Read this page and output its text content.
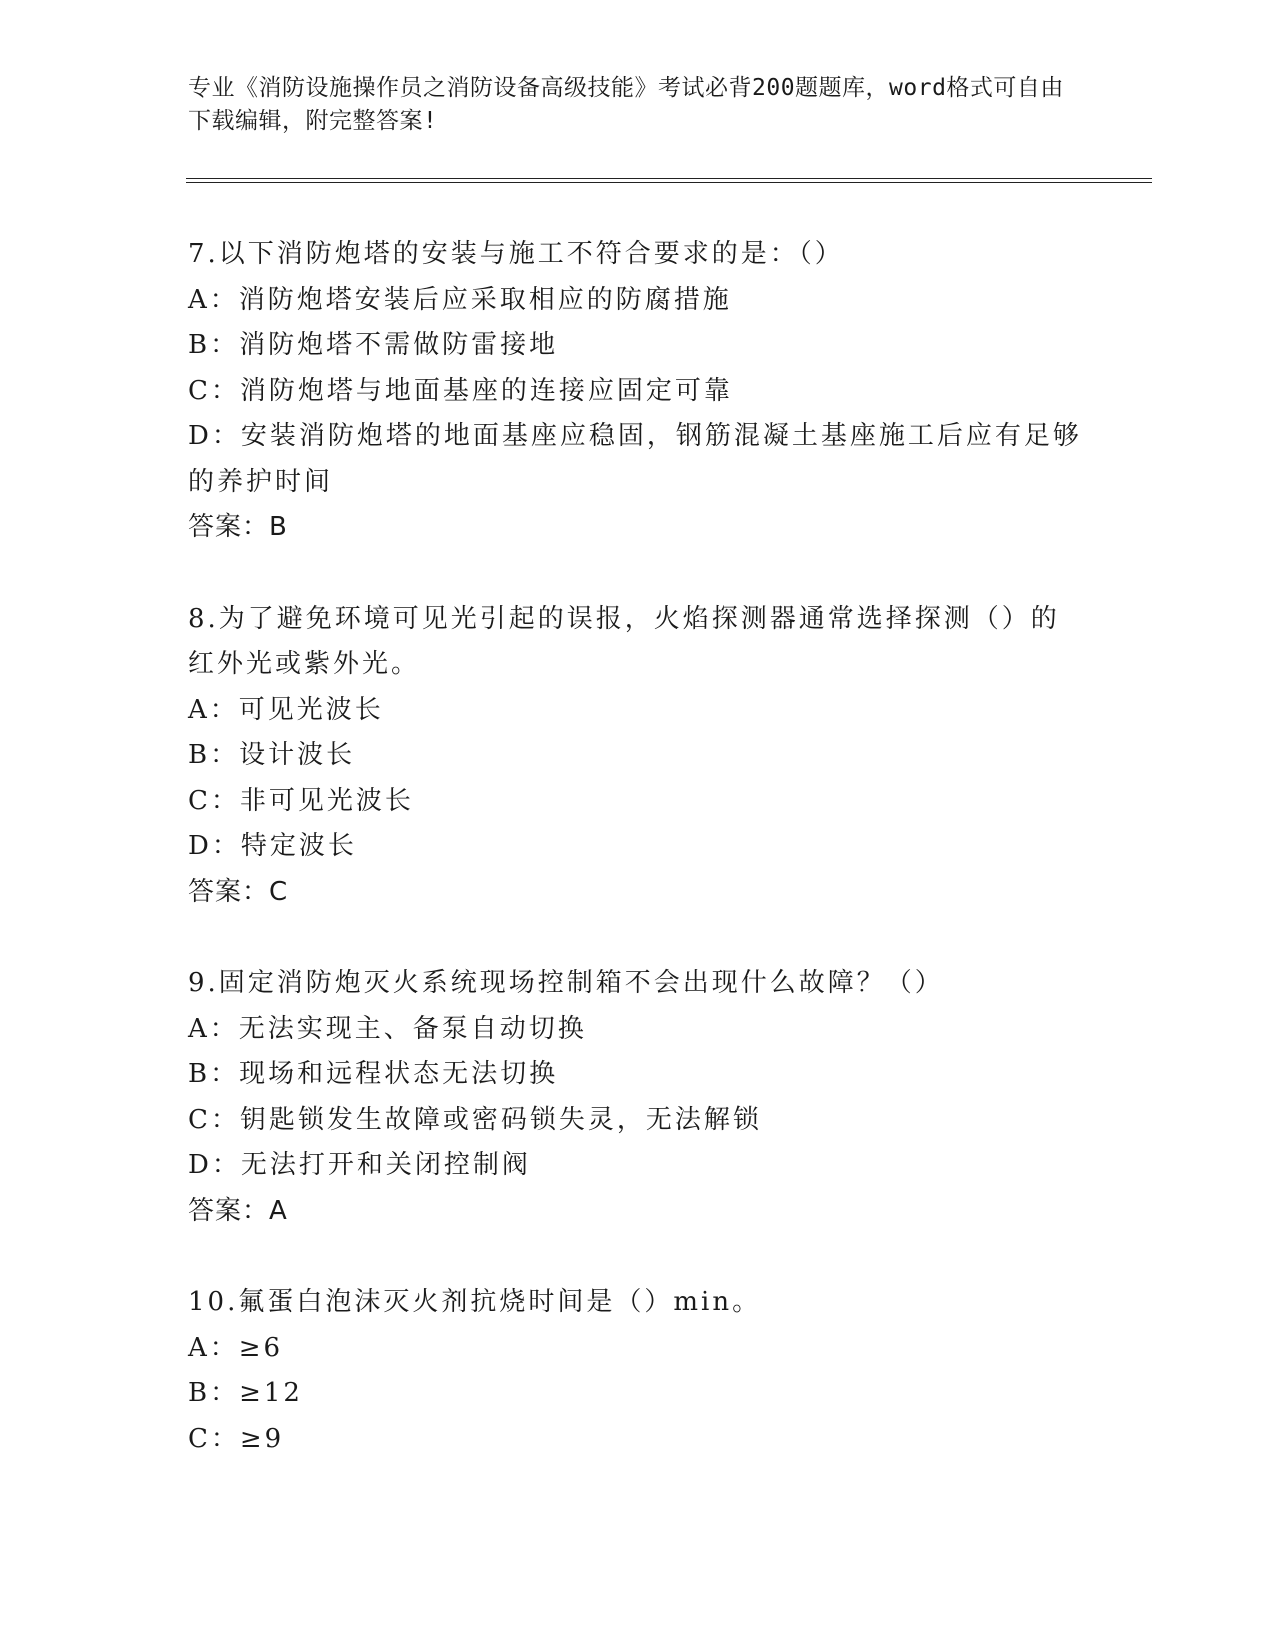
专业《消防设施操作员之消防设备高级技能》考试必背200题题库，word格式可自由下载编辑，附完整答案!
7.以下消防炮塔的安装与施工不符合要求的是：（）
A：消防炮塔安装后应采取相应的防腐措施
B：消防炮塔不需做防雷接地
C：消防炮塔与地面基座的连接应固定可靠
D：安装消防炮塔的地面基座应稳固，钢筋混凝土基座施工后应有足够的养护时间
答案：B
8.为了避免环境可见光引起的误报，火焰探测器通常选择探测（）的红外光或紫外光。
A：可见光波长
B：设计波长
C：非可见光波长
D：特定波长
答案：C
9.固定消防炮灭火系统现场控制箱不会出现什么故障？（）
A：无法实现主、备泵自动切换
B：现场和远程状态无法切换
C：钥匙锁发生故障或密码锁失灵，无法解锁
D：无法打开和关闭控制阀
答案：A
10.氟蛋白泡沫灭火剂抗烧时间是（）min。
A：≥6
B：≥12
C：≥9
